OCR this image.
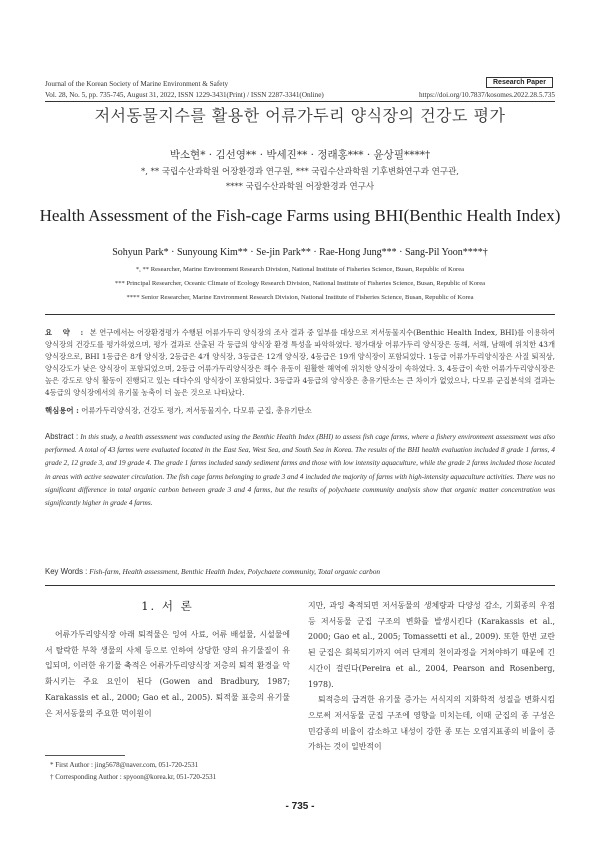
Journal of the Korean Society of Marine Environment & Safety	Research Paper
Vol. 28, No. 5, pp. 735-745, August 31, 2022, ISSN 1229-3431(Print) / ISSN 2287-3341(Online)	https://doi.org/10.7837/kosomes.2022.28.5.735
저서동물지수를 활용한 어류가두리 양식장의 건강도 평가
박소현* · 김선영** · 박세진** · 정래홍*** · 윤상필****†
*, ** 국립수산과학원 어장환경과 연구원, *** 국립수산과학원 기후변화연구과 연구관,
**** 국립수산과학원 어장환경과 연구사
Health Assessment of the Fish-cage Farms using BHI(Benthic Health Index)
Sohyun Park* · Sunyoung Kim** · Se-jin Park** · Rae-Hong Jung*** · Sang-Pil Yoon****†
*, ** Researcher, Marine Environment Research Division, National Institute of Fisheries Science, Busan, Republic of Korea
*** Principal Researcher, Oceanic Climate of Ecology Research Division, National Institute of Fisheries Science, Busan, Republic of Korea
**** Senior Researcher, Marine Environment Research Division, National Institute of Fisheries Science, Busan, Republic of Korea
요 약 : 본 연구에서는 어장환경평가 수행된 어류가두리 양식장의 조사 결과 중 일부를 대상으로 저서동물지수(Benthic Health Index, BHI)를 이용하여 양식장의 건강도를 평가하였으며, 평가 결과로 산출된 각 등급의 양식장 환경 특성을 파악하였다. 평가대상 어류가두리 양식장은 동해, 서해, 남해에 위치한 43개 양식장으로, BHI 1등급은 8개 양식장, 2등급은 4개 양식장, 3등급은 12개 양식장, 4등급은 19개 양식장이 포함되었다. 1등급 어류가두리양식장은 사질 퇴적상, 양식강도가 낮은 양식장이 포함되었으며, 2등급 어류가두리양식장은 해수 유동이 원활한 해역에 위치한 양식장이 속하였다. 3, 4등급이 속한 어류가두리양식장은 높은 강도로 양식 활동이 진행되고 있는 대다수의 양식장이 포함되었다. 3등급과 4등급의 양식장은 총유기탄소는 큰 차이가 없었으나, 다모류 군집분석의 결과는 4등급의 양식장에서의 유기물 농축이 더 높은 것으로 나타났다.
핵심용어 : 어류가두리양식장, 건강도 평가, 저서동물지수, 다모류 군집, 총유기탄소
Abstract : In this study, a health assessment was conducted using the Benthic Health Index (BHI) to assess fish cage farms, where a fishery environment assessment was also performed. A total of 43 farms were evaluated located in the East Sea, West Sea, and South Sea in Korea. The results of the BHI health evaluation included 8 grade 1 farms, 4 grade 2, 12 grade 3, and 19 grade 4. The grade 1 farms included sandy sediment farms and those with low intensity aquaculture, while the grade 2 farms included those located in areas with active seawater circulation. The fish cage farms belonging to grade 3 and 4 included the majority of farms with high-intensity aquaculture activities. There was no significant difference in total organic carbon between grade 3 and 4 farms, but the results of polychaete community analysis show that organic matter concentration was significantly higher in grade 4 farms.
Key Words : Fish-farm, Health assessment, Benthic Health Index, Polychaete community, Total organic carbon
1. 서 론
어류가두리양식장 아래 퇴적물은 잉여 사료, 어류 배설물, 시설물에서 탈락한 부착 생물의 사체 등으로 인하여 상당한 양의 유기물질이 유입되며, 이러한 유기물 축적은 어류가두리양식장 저층의 퇴적 환경을 악화시키는 주요 요인이 된다 (Gowen and Bradbury, 1987; Karakassis et al., 2000; Gao et al., 2005). 퇴적물 표층의 유기물은 저서동물의 주요한 먹이원이

지만, 과잉 축적되면 저서동물의 생체량과 다양성 감소, 기회종의 우점 등 저서동물 군집 구조의 변화를 발생시킨다 (Karakassis et al., 2000; Gao et al., 2005; Tomassetti et al., 2009). 또한 한번 교란된 군집은 회복되기까지 여러 단계의 천이과정을 거쳐야하기 때문에 긴 시간이 걸린다(Pereira et al., 2004, Pearson and Rosenberg, 1978).

퇴적층의 급격한 유기물 증가는 서식지의 지화학적 성질을 변화시킴으로써 저서동물 군집 구조에 영향을 미치는데, 이때 군집의 종 구성은 민감종의 비율이 감소하고 내성이 강한 종 또는 오염지표종의 비율이 증가하는 것이 일반적이

* First Author : jing5678@naver.com, 051-720-2531
† Corresponding Author : spyoon@korea.kr, 051-720-2531
- 735 -
